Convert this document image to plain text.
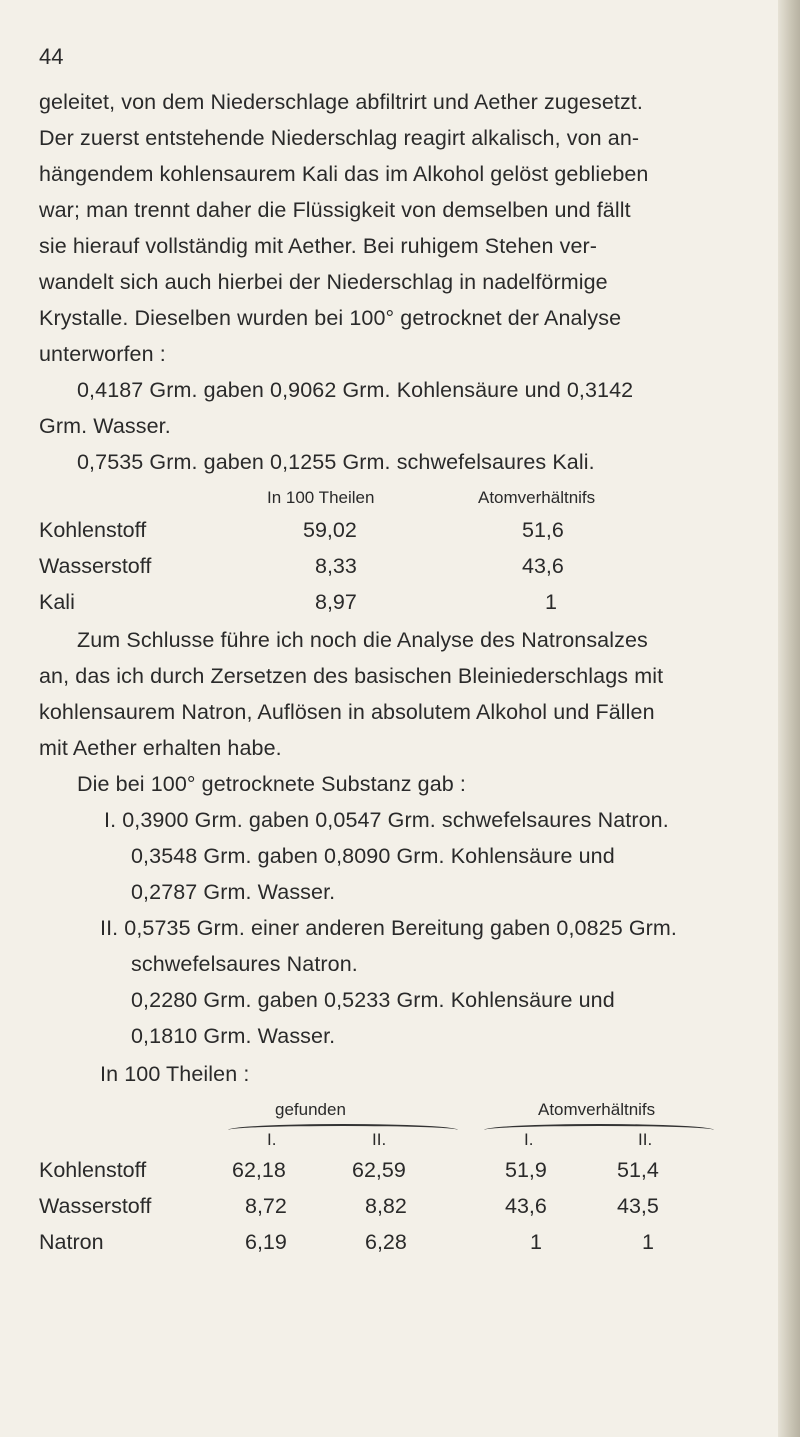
44
geleitet, von dem Niederschlage abfiltrirt und Aether zugesetzt.
Der zuerst entstehende Niederschlag reagirt alkalisch, von an-
hängendem kohlensaurem Kali das im Alkohol gelöst geblieben
war; man trennt daher die Flüssigkeit von demselben und fällt
sie hierauf vollständig mit Aether. Bei ruhigem Stehen ver-
wandelt sich auch hierbei der Niederschlag in nadelförmige
Krystalle. Dieselben wurden bei 100° getrocknet der Analyse
unterworfen :
0,4187 Grm. gaben 0,9062 Grm. Kohlensäure und 0,3142
Grm. Wasser.
0,7535 Grm. gaben 0,1255 Grm. schwefelsaures Kali.
In 100 Theilen	Atomverhältnifs
Kohlenstoff	59,02	51,6
Wasserstoff	8,33	43,6
Kali	8,97	1
Zum Schlusse führe ich noch die Analyse des Natronsalzes
an, das ich durch Zersetzen des basischen Bleiniederschlags mit
kohlensaurem Natron, Auflösen in absolutem Alkohol und Fällen
mit Aether erhalten habe.
Die bei 100° getrocknete Substanz gab :
I. 0,3900 Grm. gaben 0,0547 Grm. schwefelsaures Natron.
0,3548 Grm. gaben 0,8090 Grm. Kohlensäure und
0,2787 Grm. Wasser.
II. 0,5735 Grm. einer anderen Bereitung gaben 0,0825 Grm.
schwefelsaures Natron.
0,2280 Grm. gaben 0,5233 Grm. Kohlensäure und
0,1810 Grm. Wasser.
In 100 Theilen :
gefunden	Atomverhältnifs
I.	II.	I.	II.
Kohlenstoff	62,18	62,59	51,9	51,4
Wasserstoff	8,72	8,82	43,6	43,5
Natron	6,19	6,28	1	1
